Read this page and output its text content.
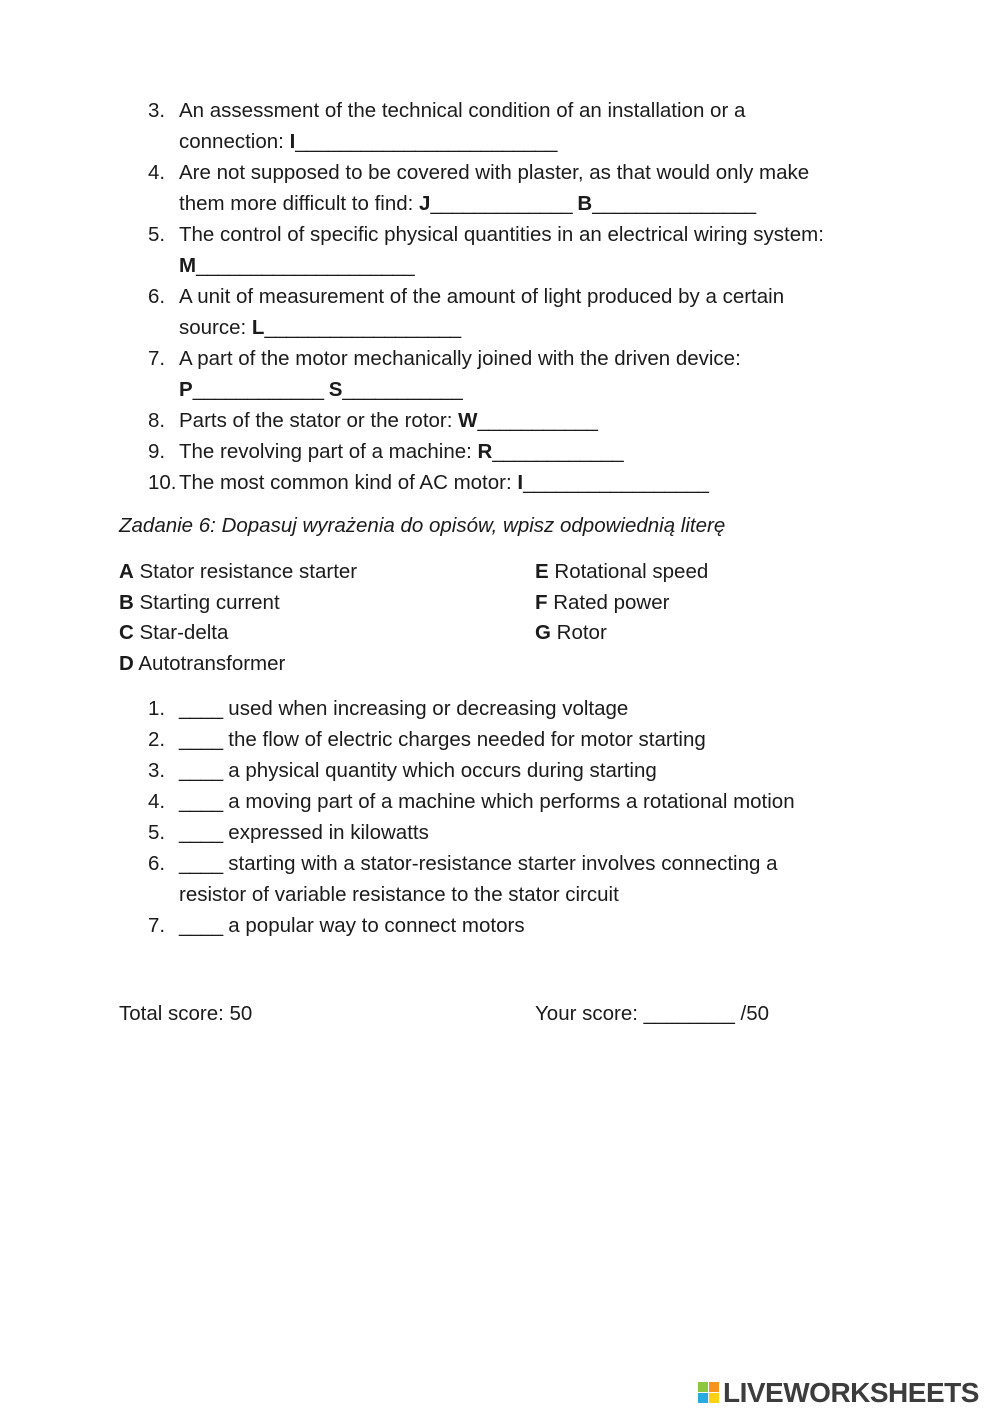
3. An assessment of the technical condition of an installation or a
connection: I________________________
4. Are not supposed to be covered with plaster, as that would only make
them more difficult to find: J_____________ B_______________
5. The control of specific physical quantities in an electrical wiring system:
M____________________
6. A unit of measurement of the amount of light produced by a certain
source: L__________________
7. A part of the motor mechanically joined with the driven device:
P____________ S___________
8. Parts of the stator or the rotor: W___________
9. The revolving part of a machine: R____________
10. The most common kind of AC motor: I_________________
Zadanie 6: Dopasuj wyrażenia do opisów, wpisz odpowiednią literę
A Stator resistance starter
B Starting current
C Star-delta
D Autotransformer
E Rotational speed
F Rated power
G Rotor
1. ____ used when increasing or decreasing voltage
2. ____ the flow of electric charges needed for motor starting
3. ____ a physical quantity which occurs during starting
4. ____ a moving part of a machine which performs a rotational motion
5. ____ expressed in kilowatts
6. ____ starting with a stator-resistance starter involves connecting a
resistor of variable resistance to the stator circuit
7. ____ a popular way to connect motors
Total score: 50	Your score: ________ /50
LIVEWORKSHEETS
